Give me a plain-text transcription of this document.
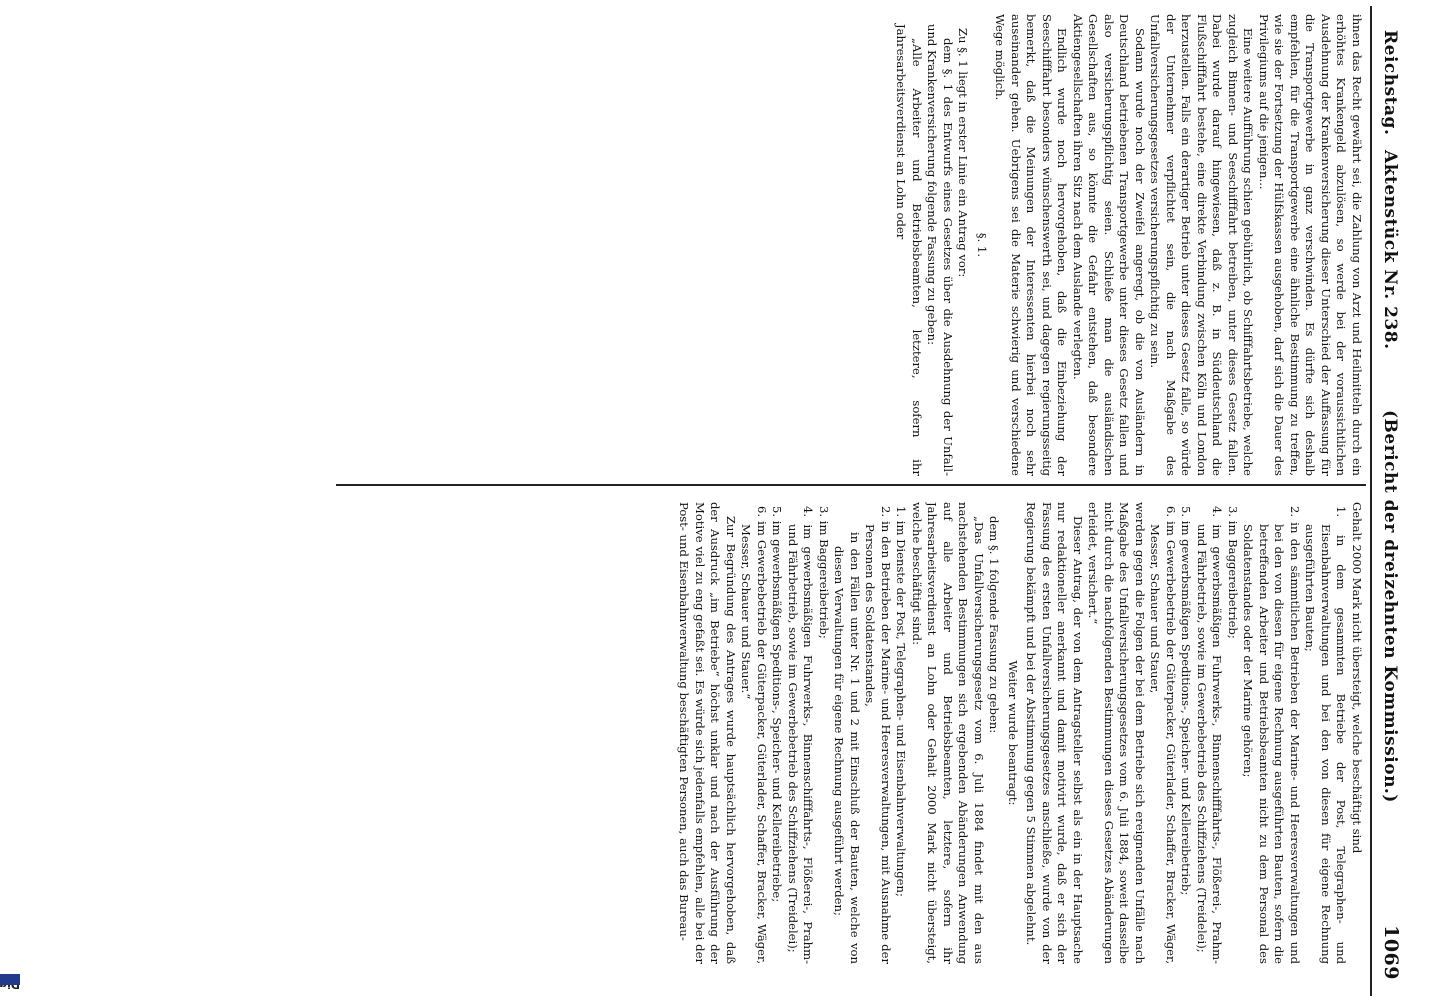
Reichstag.
Aktenstück Nr. 238.
(Bericht der dreizehnten Kommission.)
1069

ihnen das Recht gewährt sei, die Zahlung von Arzt und Heilmitteln durch ein erhöhtes Krankengeld abzulösen, so werde bei der voraussichtlichen Ausdehnung der Krankenversicherung dieser Unterschied der Auffassung für die Transportgewerbe in ganz verschwinden. Es dürfte sich deshalb empfehlen, für die Transportgewerbe eine ähnliche Bestimmung zu treffen, wie sie der Fortsetzung der Hülfskassen ausgehoben, darf sich die Dauer des Privilegiums auf die jenigen...

Eine weitere Aufführung schien gebührlich, ob Schifffahrtsbetriebe, welche zugleich Binnen- und Seeschifffahrt betreiben, unter dieses Gesetz fallen. Dabei wurde darauf hingewiesen, daß z. B. in Süddeutschland die Flußschifffahrt bestehe, eine direkte Verbindung zwischen Köln und London herzustellen. Falls ein derartiger Betrieb unter dieses Gesetz falle, so würde der Unternehmer verpflichtet sein, die nach Maßgabe des Unfallversicherungsgesetzes versicherungspflichtig zu sein.

Sodann wurde noch der Zweifel angeregt, ob die von Ausländern in Deutschland betriebenen Transportgewerbe unter dieses Gesetz fallen und also versicherungspflichtig seien. Schließe man die ausländischen Gesellschaften aus, so könnte die Gefahr entstehen, daß besondere Aktiengesellschaften ihren Sitz nach dem Auslande verlegten.

Endlich wurde noch hervorgehoben, daß die Einbeziehung der Seeschifffahrt besonders wünschenswerth sei, und dagegen regierungsseitig bemerkt, daß die Meinungen der Interessenten hierbei noch sehr auseinander gehen. Uebrigens sei die Materie schwierig und verschiedene Wege möglich.

§. 1.

Zu §. 1 liegt in erster Linie ein Antrag vor:

dem §. 1 des Entwurfs eines Gesetzes über die Ausdehnung der Unfall- und Krankenversicherung folgende Fassung zu geben:

„Alle Arbeiter und Betriebsbeamten, letztere, sofern ihr Jahresarbeitsverdienst an Lohn oder

Gehalt 2000 Mark nicht übersteigt, welche beschäftigt sind

1. in dem gesammten Betriebe der Post, Telegraphen- und Eisenbahnverwaltungen und bei den von diesen für eigene Rechnung ausgeführten Bauten;

2. in den sämmtlichen Betrieben der Marine- und Heeresverwaltungen und bei den von diesen für eigene Rechnung ausgeführten Bauten, sofern die betreffenden Arbeiter und Betriebsbeamten nicht zu dem Personal des Soldatenstandes oder der Marine gehören;

3. im Baggereibetrieb;

4. im gewerbsmäßigen Fuhrwerks-, Binnenschifffahrts-, Flößerei-, Prahm- und Fährbetrieb, sowie im Gewerbebetrieb des Schiffziehens (Treidelei);

5. im gewerbsmäßigen Speditions-, Speicher- und Kellereibetrieb;

6. im Gewerbebetrieb der Güterpacker, Güterlader, Schaffer, Bracker, Wäger, Messer, Schauer und Stauer,

werden gegen die Folgen der bei dem Betriebe sich ereignenden Unfälle nach Maßgabe des Unfallversicherungsgesetzes vom 6. Juli 1884, soweit dasselbe nicht durch die nachfolgenden Bestimmungen dieses Gesetzes Abänderungen erleidet, versichert.“

Dieser Antrag, der von dem Antragsteller selbst als ein in der Hauptsache nur redaktioneller anerkannt und damit motivirt wurde, daß er sich der Fassung des ersten Unfallversicherungsgesetzes anschließe, wurde von der Regierung bekämpft und bei der Abstimmung gegen 5 Stimmen abgelehnt.

Weiter wurde beantragt:

dem §. 1 folgende Fassung zu geben:

„Das Unfallversicherungsgesetz vom 6. Juli 1884 findet mit den aus nachstehenden Bestimmungen sich ergebenden Abänderungen Anwendung auf alle Arbeiter und Betriebsbeamten, letztere, sofern ihr Jahresarbeitsverdienst an Lohn oder Gehalt 2000 Mark nicht übersteigt, welche beschäftigt sind:

1. im Dienste der Post, Telegraphen- und Eisenbahnverwaltungen;

2. in den Betrieben der Marine- und Heeresverwaltungen, mit Ausnahme der Personen des Soldatenstandes,

in den Fällen unter Nr. 1 und 2 mit Einschluß der Bauten, welche von diesen Verwaltungen für eigene Rechnung ausgeführt werden;

3. im Baggereibetrieb;

4. im gewerbsmäßigen Fuhrwerks-, Binnenschifffahrts-, Flößerei-, Prahm- und Fährbetrieb, sowie im Gewerbebetrieb des Schiffziehens (Treidelei);

5. im gewerbsmäßigen Speditions-, Speicher- und Kellereibetriebe;

6. im Gewerbebetrieb der Güterpacker, Güterlader, Schaffer, Bracker, Wäger, Messer, Schauer und Stauer.“

Zur Begründung des Antrages wurde hauptsächlich hervorgehoben, daß der Ausdruck „im Betriebe“ höchst unklar und nach der Ausführung der Motive viel zu eng gefaßt sei. Es würde sich jedenfalls empfehlen, alle bei der Post- und Eisenbahnverwaltung beschäftigten Personen, auch das Bureau-
